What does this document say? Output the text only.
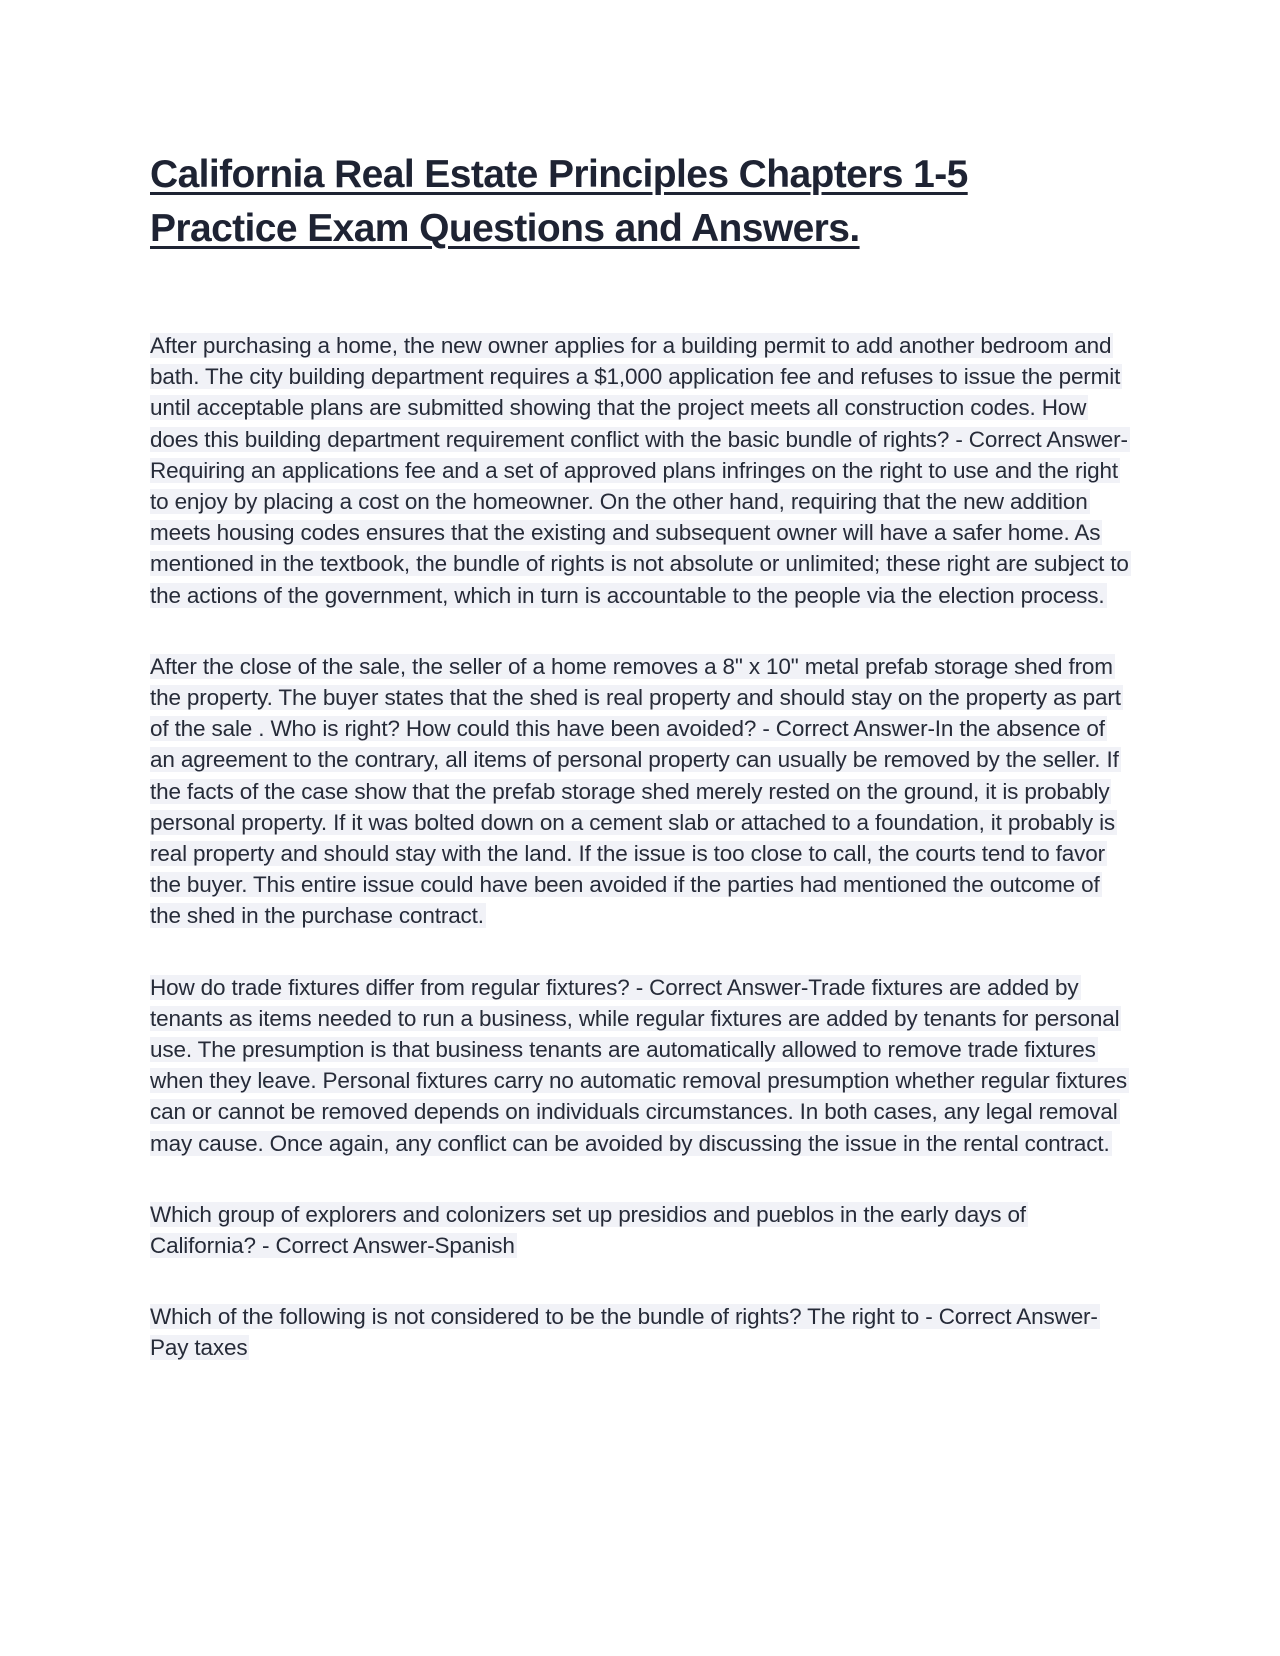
California Real Estate Principles Chapters 1-5
Practice Exam Questions and Answers.

After purchasing a home, the new owner applies for a building permit to add another bedroom and bath. The city building department requires a $1,000 application fee and refuses to issue the permit until acceptable plans are submitted showing that the project meets all construction codes. How does this building department requirement conflict with the basic bundle of rights? - Correct Answer-Requiring an applications fee and a set of approved plans infringes on the right to use and the right to enjoy by placing a cost on the homeowner. On the other hand, requiring that the new addition meets housing codes ensures that the existing and subsequent owner will have a safer home. As mentioned in the textbook, the bundle of rights is not absolute or unlimited; these right are subject to the actions of the government, which in turn is accountable to the people via the election process.

After the close of the sale, the seller of a home removes a 8" x 10" metal prefab storage shed from the property. The buyer states that the shed is real property and should stay on the property as part of the sale . Who is right? How could this have been avoided? - Correct Answer-In the absence of an agreement to the contrary, all items of personal property can usually be removed by the seller. If the facts of the case show that the prefab storage shed merely rested on the ground, it is probably personal property. If it was bolted down on a cement slab or attached to a foundation, it probably is real property and should stay with the land. If the issue is too close to call, the courts tend to favor the buyer. This entire issue could have been avoided if the parties had mentioned the outcome of the shed in the purchase contract.

How do trade fixtures differ from regular fixtures? - Correct Answer-Trade fixtures are added by tenants as items needed to run a business, while regular fixtures are added by tenants for personal use. The presumption is that business tenants are automatically allowed to remove trade fixtures when they leave. Personal fixtures carry no automatic removal presumption whether regular fixtures can or cannot be removed depends on individuals circumstances. In both cases, any legal removal may cause. Once again, any conflict can be avoided by discussing the issue in the rental contract.

Which group of explorers and colonizers set up presidios and pueblos in the early days of California? - Correct Answer-Spanish

Which of the following is not considered to be the bundle of rights? The right to - Correct Answer-Pay taxes
